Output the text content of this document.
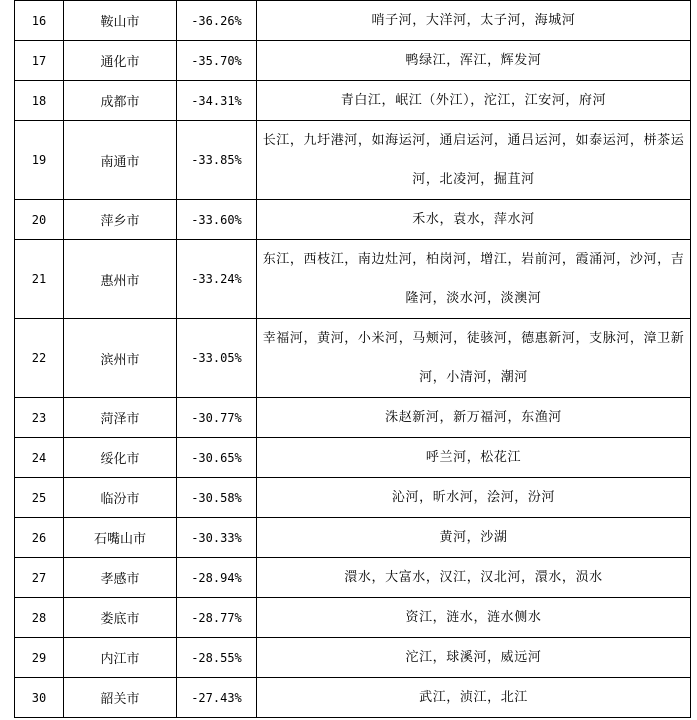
16	鞍山市	-36.26%	哨子河，大洋河，太子河，海城河
17	通化市	-35.70%	鸭绿江，浑江，辉发河
18	成都市	-34.31%	青白江，岷江（外江），沱江，江安河，府河
19	南通市	-33.85%	长江，九圩港河，如海运河，通启运河，通吕运河，如泰运河，栟茶运河，北凌河，掘苴河
20	萍乡市	-33.60%	禾水，袁水，萍水河
21	惠州市	-33.24%	东江，西枝江，南边灶河，柏岗河，增江，岩前河，霞涌河，沙河，吉隆河，淡水河，淡澳河
22	滨州市	-33.05%	幸福河，黄河，小米河，马颊河，徒骇河，德惠新河，支脉河，漳卫新河，小清河，潮河
23	菏泽市	-30.77%	洙赵新河，新万福河，东渔河
24	绥化市	-30.65%	呼兰河，松花江
25	临汾市	-30.58%	沁河，昕水河，浍河，汾河
26	石嘴山市	-30.33%	黄河，沙湖
27	孝感市	-28.94%	澴水，大富水，汉江，汉北河，澴水，涢水
28	娄底市	-28.77%	资江，涟水，涟水侧水
29	内江市	-28.55%	沱江，球溪河，威远河
30	韶关市	-27.43%	武江，浈江，北江
